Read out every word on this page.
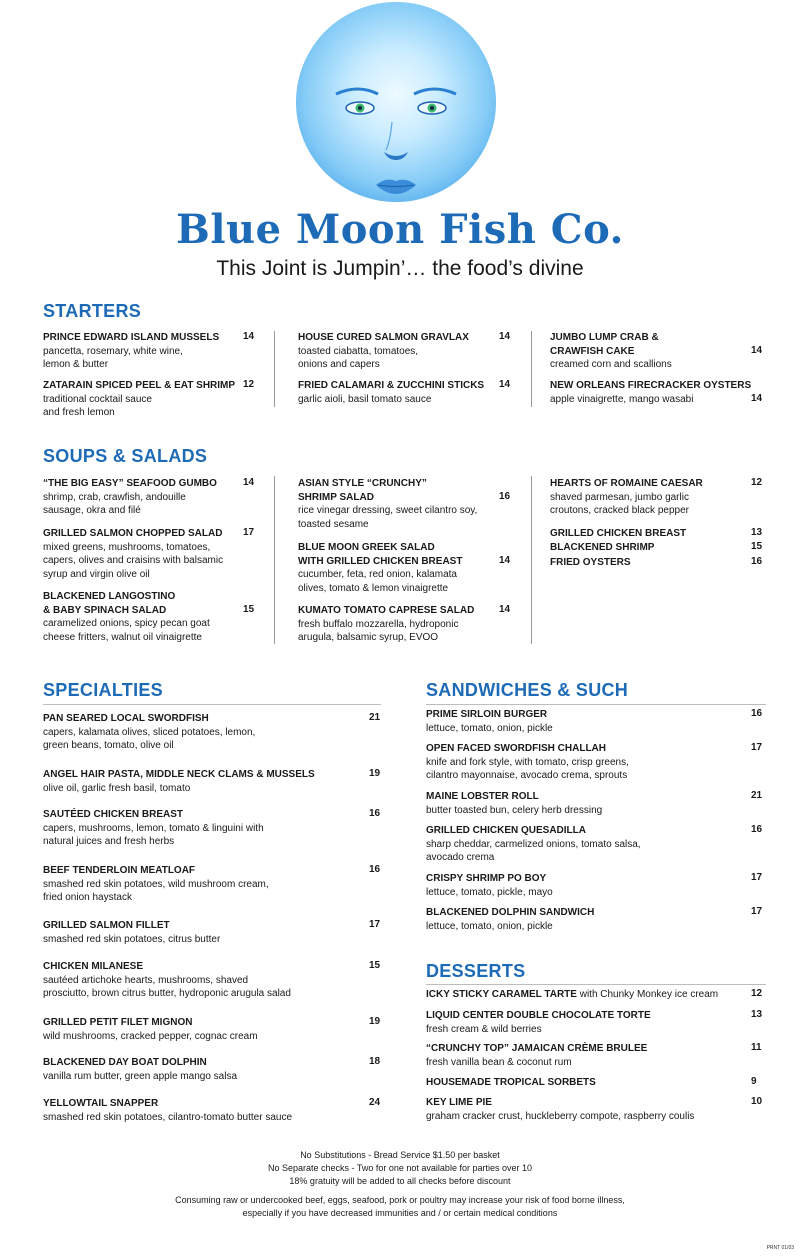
Blue Moon Fish Co.
This Joint is Jumpin’… the food’s divine
STARTERS
PRINCE EDWARD ISLAND MUSSELS
pancetta, rosemary, white wine,
lemon & butter
14
ZATARAIN SPICED PEEL & EAT SHRIMP
traditional cocktail sauce
and fresh lemon
12
HOUSE CURED SALMON GRAVLAX
toasted ciabatta, tomatoes,
onions and capers
14
FRIED CALAMARI & ZUCCHINI STICKS
garlic aioli, basil tomato sauce
14
JUMBO LUMP CRAB &
CRAWFISH CAKE
creamed corn and scallions
14
NEW ORLEANS FIRECRACKER OYSTERS
apple vinaigrette, mango wasabi	14
SOUPS & SALADS
“THE BIG EASY” SEAFOOD GUMBO
shrimp, crab, crawfish, andouille
sausage, okra and filé
14
GRILLED SALMON CHOPPED SALAD
mixed greens, mushrooms, tomatoes,
capers, olives and craisins with balsamic
syrup and virgin olive oil
17
BLACKENED LANGOSTINO
& BABY SPINACH SALAD
caramelized onions, spicy pecan goat
cheese fritters, walnut oil vinaigrette
15
ASIAN STYLE “CRUNCHY”
SHRIMP SALAD
rice vinegar dressing, sweet cilantro soy,
toasted sesame
16
BLUE MOON GREEK SALAD
WITH GRILLED CHICKEN BREAST
cucumber, feta, red onion, kalamata
olives, tomato & lemon vinaigrette
14
KUMATO TOMATO CAPRESE SALAD
fresh buffalo mozzarella, hydroponic
arugula, balsamic syrup, EVOO
14
HEARTS OF ROMAINE CAESAR
shaved parmesan, jumbo garlic
croutons, cracked black pepper
12
GRILLED CHICKEN BREAST	13
BLACKENED SHRIMP	15
FRIED OYSTERS	16
SPECIALTIES
PAN SEARED LOCAL SWORDFISH
capers, kalamata olives, sliced potatoes, lemon,
green beans, tomato, olive oil
21
ANGEL HAIR PASTA, MIDDLE NECK CLAMS & MUSSELS
olive oil, garlic fresh basil, tomato
19
SAUTÉED CHICKEN BREAST
capers, mushrooms, lemon, tomato & linguini with
natural juices and fresh herbs
16
BEEF TENDERLOIN MEATLOAF
smashed red skin potatoes, wild mushroom cream,
fried onion haystack
16
GRILLED SALMON FILLET
smashed red skin potatoes, citrus butter
17
CHICKEN MILANESE
sautéed artichoke hearts, mushrooms, shaved
prosciutto, brown citrus butter, hydroponic arugula salad
15
GRILLED PETIT FILET MIGNON
wild mushrooms, cracked pepper, cognac cream
19
BLACKENED DAY BOAT DOLPHIN
vanilla rum butter, green apple mango salsa
18
YELLOWTAIL SNAPPER
smashed red skin potatoes, cilantro-tomato butter sauce
24
SANDWICHES & SUCH
PRIME SIRLOIN BURGER
lettuce, tomato, onion, pickle
16
OPEN FACED SWORDFISH CHALLAH
knife and fork style, with tomato, crisp greens,
cilantro mayonnaise, avocado crema, sprouts
17
MAINE LOBSTER ROLL
butter toasted bun, celery herb dressing
21
GRILLED CHICKEN QUESADILLA
sharp cheddar, carmelized onions, tomato salsa,
avocado crema
16
CRISPY SHRIMP PO BOY
lettuce, tomato, pickle, mayo
17
BLACKENED DOLPHIN SANDWICH
lettuce, tomato, onion, pickle
17
DESSERTS
ICKY STICKY CARAMEL TARTE with Chunky Monkey ice cream	12
LIQUID CENTER DOUBLE CHOCOLATE TORTE
fresh cream & wild berries
13
“CRUNCHY TOP” JAMAICAN CRÈME BRULEE
fresh vanilla bean & coconut rum
11
HOUSEMADE TROPICAL SORBETS	9
KEY LIME PIE
graham cracker crust, huckleberry compote, raspberry coulis
10
No Substitutions - Bread Service $1.50 per basket
No Separate checks - Two for one not available for parties over 10
18% gratuity will be added to all checks before discount
Consuming raw or undercooked beef, eggs, seafood, pork or poultry may increase your risk of food borne illness,
especially if you have decreased immunities and / or certain medical conditions
PRNT 01/03
